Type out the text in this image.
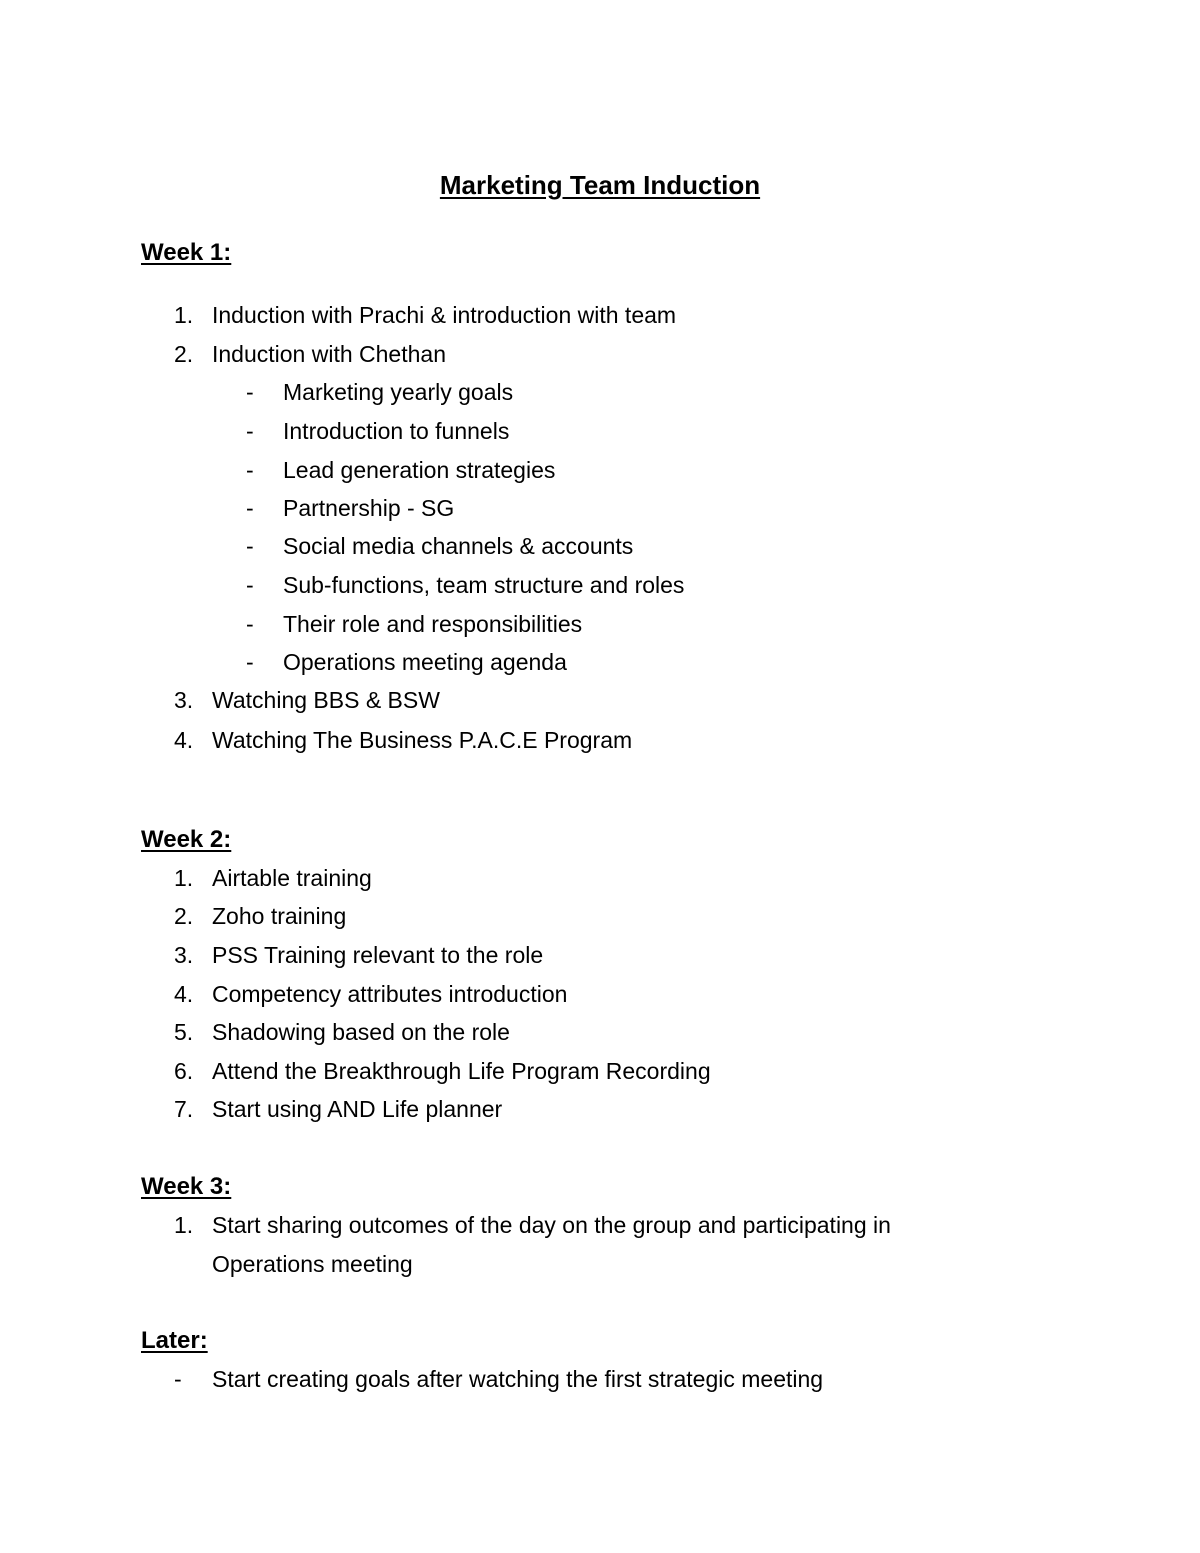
Marketing Team Induction
Week 1:
1. Induction with Prachi & introduction with team
2. Induction with Chethan
- Marketing yearly goals
- Introduction to funnels
- Lead generation strategies
- Partnership - SG
- Social media channels & accounts
- Sub-functions, team structure and roles
- Their role and responsibilities
- Operations meeting agenda
3. Watching BBS & BSW
4. Watching The Business P.A.C.E Program
Week 2:
1. Airtable training
2. Zoho training
3. PSS Training relevant to the role
4. Competency attributes introduction
5. Shadowing based on the role
6. Attend the Breakthrough Life Program Recording
7. Start using AND Life planner
Week 3:
1. Start sharing outcomes of the day on the group and participating in
Operations meeting
Later:
- Start creating goals after watching the first strategic meeting
